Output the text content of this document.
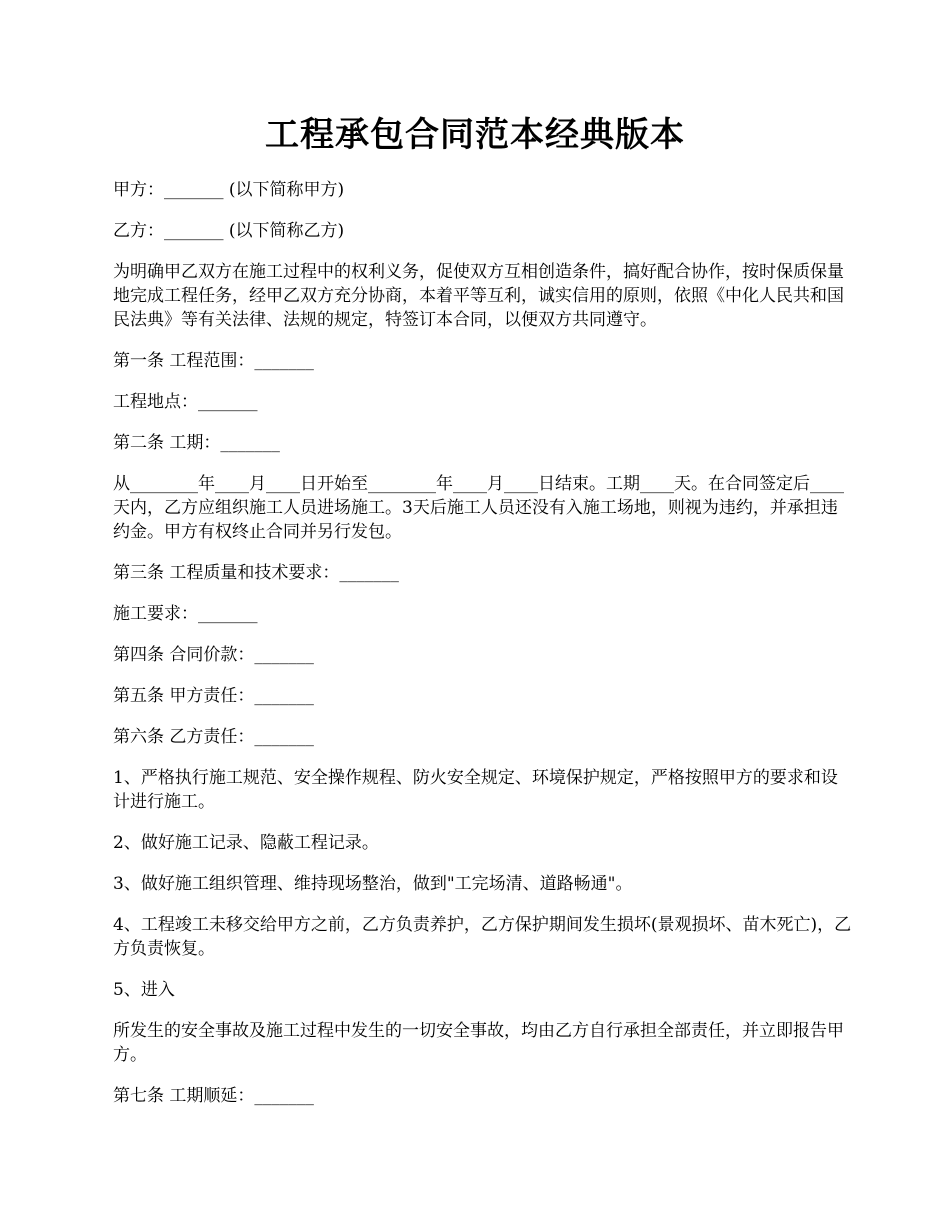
工程承包合同范本经典版本

甲方：_______ (以下简称甲方)

乙方：_______ (以下简称乙方)

为明确甲乙双方在施工过程中的权利义务，促使双方互相创造条件，搞好配合协作，按时保质保量地完成工程任务，经甲乙双方充分协商，本着平等互利，诚实信用的原则，依照《中化人民共和国民法典》等有关法律、法规的规定，特签订本合同，以便双方共同遵守。

第一条 工程范围：_______

工程地点：_______

第二条 工期：_______

从________年____月____日开始至________年____月____日结束。工期____天。在合同签定后____天内，乙方应组织施工人员进场施工。3天后施工人员还没有入施工场地，则视为违约，并承担违约金。甲方有权终止合同并另行发包。

第三条 工程质量和技术要求：_______

施工要求：_______

第四条 合同价款：_______

第五条 甲方责任：_______

第六条 乙方责任：_______

1、严格执行施工规范、安全操作规程、防火安全规定、环境保护规定，严格按照甲方的要求和设计进行施工。

2、做好施工记录、隐蔽工程记录。

3、做好施工组织管理、维持现场整治，做到"工完场清、道路畅通"。

4、工程竣工未移交给甲方之前，乙方负责养护，乙方保护期间发生损坏(景观损坏、苗木死亡)，乙方负责恢复。

5、进入

所发生的安全事故及施工过程中发生的一切安全事故，均由乙方自行承担全部责任，并立即报告甲方。

第七条 工期顺延：_______
